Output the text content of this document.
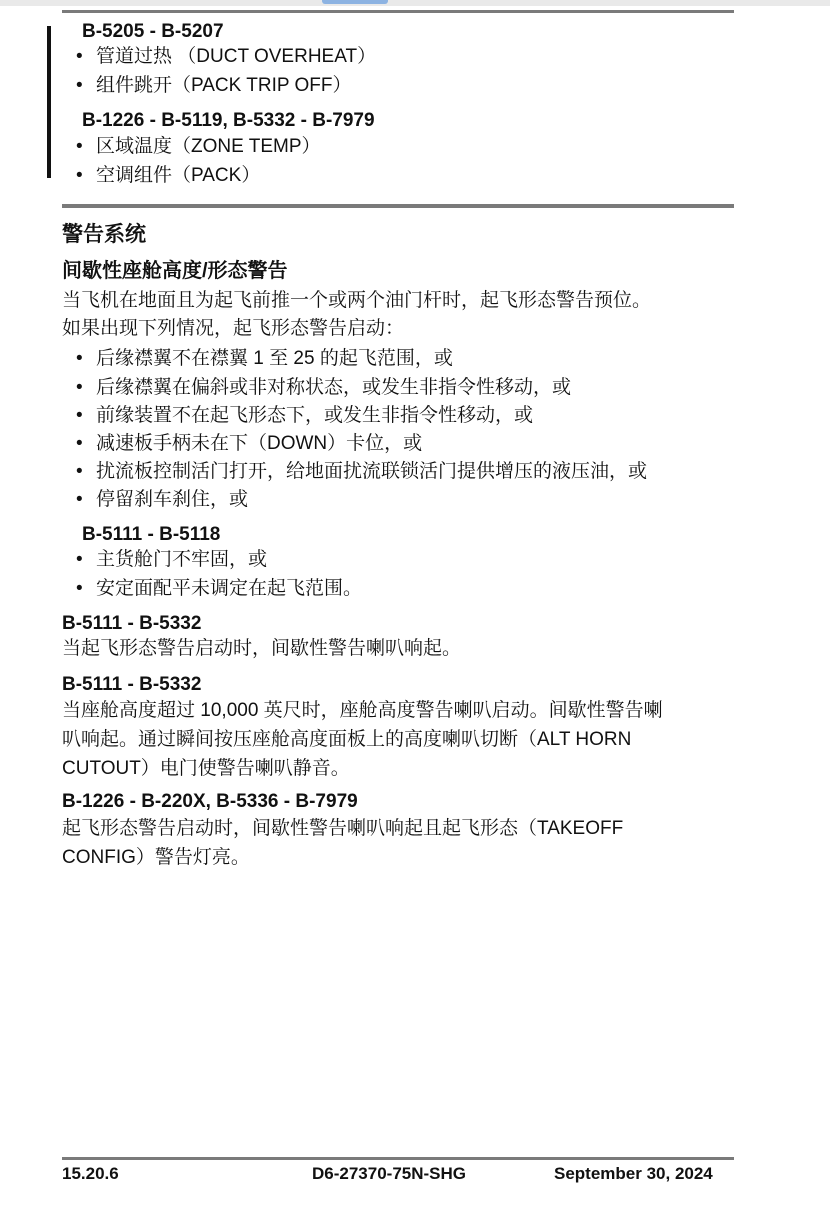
B-5205 - B-5207
• 管道过热 （DUCT OVERHEAT）
• 组件跳开（PACK TRIP OFF）
B-1226 - B-5119, B-5332 - B-7979
• 区域温度（ZONE TEMP）
• 空调组件（PACK）
警告系统
间歇性座舱高度/形态警告
当飞机在地面且为起飞前推一个或两个油门杆时，起飞形态警告预位。
如果出现下列情况，起飞形态警告启动：
• 后缘襟翼不在襟翼 1 至 25 的起飞范围，或
• 后缘襟翼在偏斜或非对称状态，或发生非指令性移动，或
• 前缘装置不在起飞形态下，或发生非指令性移动，或
• 减速板手柄未在下（DOWN）卡位，或
• 扰流板控制活门打开，给地面扰流联锁活门提供增压的液压油，或
• 停留刹车刹住，或
B-5111 - B-5118
• 主货舱门不牢固，或
• 安定面配平未调定在起飞范围。
B-5111 - B-5332
当起飞形态警告启动时，间歇性警告喇叭响起。
B-5111 - B-5332
当座舱高度超过 10,000 英尺时，座舱高度警告喇叭启动。间歇性警告喇
叭响起。通过瞬间按压座舱高度面板上的高度喇叭切断（ALT HORN
CUTOUT）电门使警告喇叭静音。
B-1226 - B-220X, B-5336 - B-7979
起飞形态警告启动时，间歇性警告喇叭响起且起飞形态（TAKEOFF
CONFIG）警告灯亮。
15.20.6	D6-27370-75N-SHG	September 30, 2024
